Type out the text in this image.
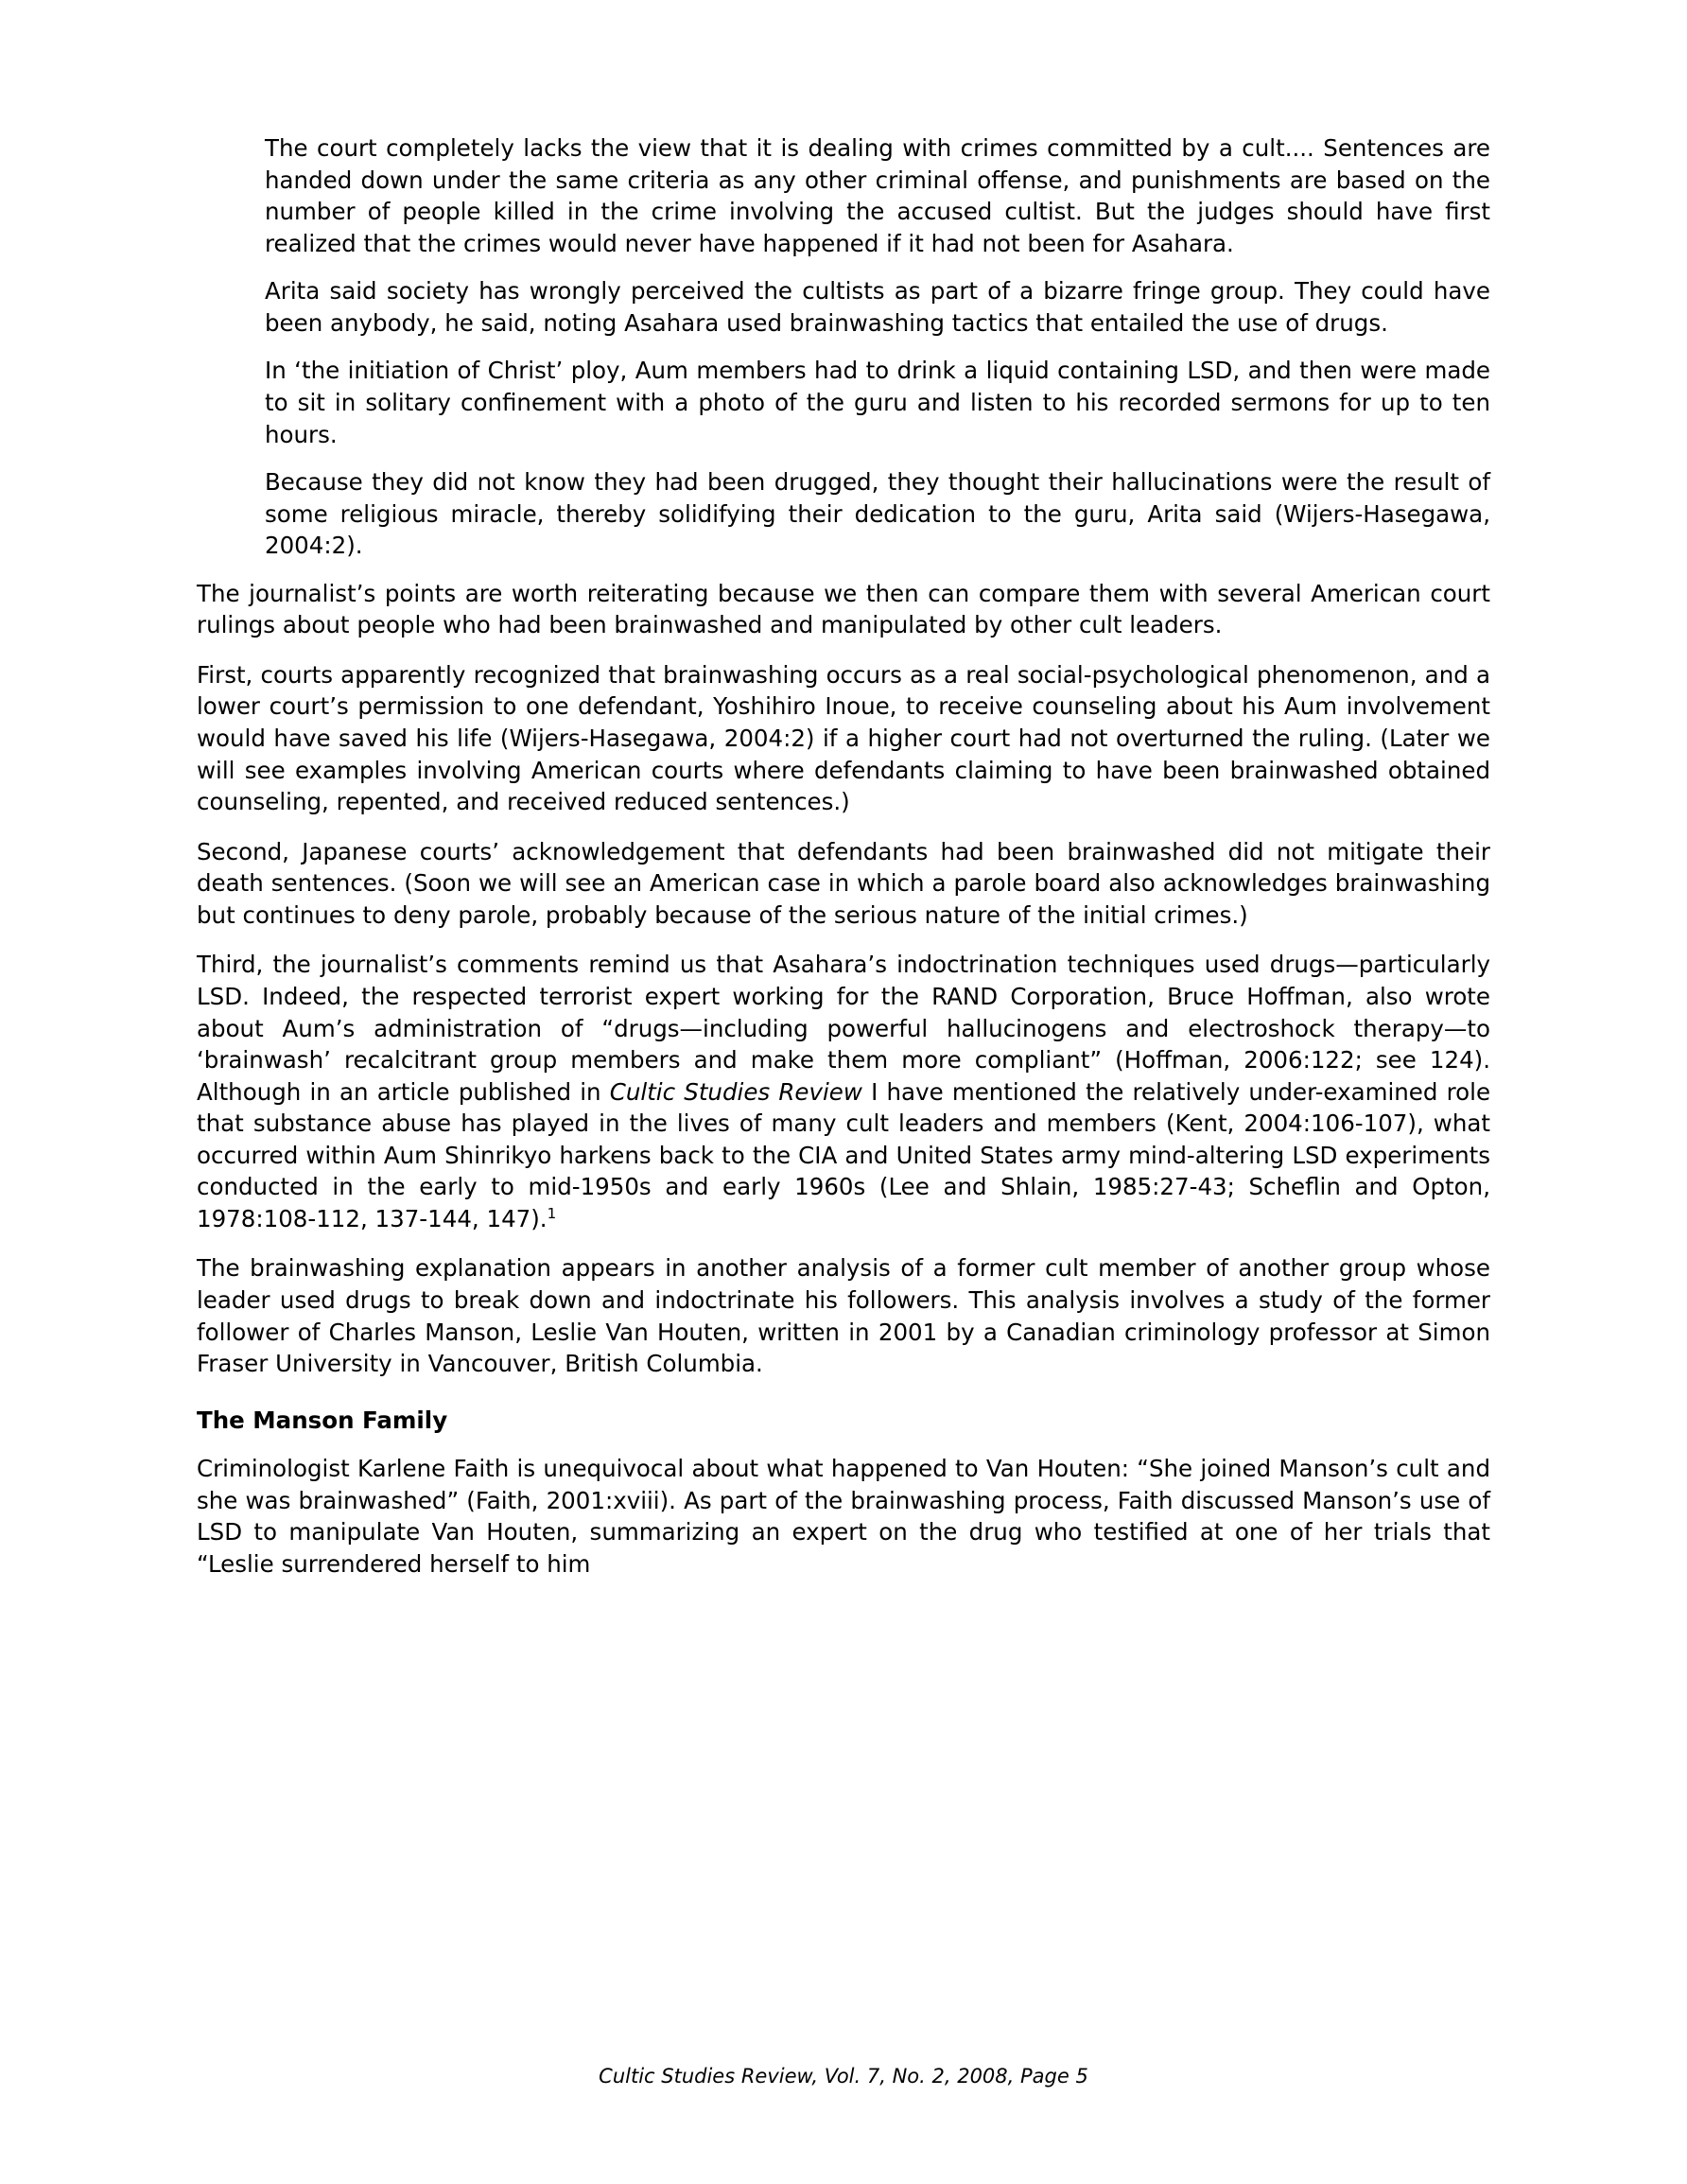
The court completely lacks the view that it is dealing with crimes committed by a cult.... Sentences are handed down under the same criteria as any other criminal offense, and punishments are based on the number of people killed in the crime involving the accused cultist. But the judges should have first realized that the crimes would never have happened if it had not been for Asahara.

Arita said society has wrongly perceived the cultists as part of a bizarre fringe group. They could have been anybody, he said, noting Asahara used brainwashing tactics that entailed the use of drugs.

In ‘the initiation of Christ’ ploy, Aum members had to drink a liquid containing LSD, and then were made to sit in solitary confinement with a photo of the guru and listen to his recorded sermons for up to ten hours.

Because they did not know they had been drugged, they thought their hallucinations were the result of some religious miracle, thereby solidifying their dedication to the guru, Arita said (Wijers-Hasegawa, 2004:2).

The journalist’s points are worth reiterating because we then can compare them with several American court rulings about people who had been brainwashed and manipulated by other cult leaders.

First, courts apparently recognized that brainwashing occurs as a real social-psychological phenomenon, and a lower court’s permission to one defendant, Yoshihiro Inoue, to receive counseling about his Aum involvement would have saved his life (Wijers-Hasegawa, 2004:2) if a higher court had not overturned the ruling. (Later we will see examples involving American courts where defendants claiming to have been brainwashed obtained counseling, repented, and received reduced sentences.)

Second, Japanese courts’ acknowledgement that defendants had been brainwashed did not mitigate their death sentences. (Soon we will see an American case in which a parole board also acknowledges brainwashing but continues to deny parole, probably because of the serious nature of the initial crimes.)

Third, the journalist’s comments remind us that Asahara’s indoctrination techniques used drugs—particularly LSD. Indeed, the respected terrorist expert working for the RAND Corporation, Bruce Hoffman, also wrote about Aum’s administration of “drugs—including powerful hallucinogens and electroshock therapy—to ‘brainwash’ recalcitrant group members and make them more compliant” (Hoffman, 2006:122; see 124). Although in an article published in Cultic Studies Review I have mentioned the relatively under-examined role that substance abuse has played in the lives of many cult leaders and members (Kent, 2004:106-107), what occurred within Aum Shinrikyo harkens back to the CIA and United States army mind-altering LSD experiments conducted in the early to mid-1950s and early 1960s (Lee and Shlain, 1985:27-43; Scheflin and Opton, 1978:108-112, 137-144, 147).$^1$

The brainwashing explanation appears in another analysis of a former cult member of another group whose leader used drugs to break down and indoctrinate his followers. This analysis involves a study of the former follower of Charles Manson, Leslie Van Houten, written in 2001 by a Canadian criminology professor at Simon Fraser University in Vancouver, British Columbia.

The Manson Family

Criminologist Karlene Faith is unequivocal about what happened to Van Houten: “She joined Manson’s cult and she was brainwashed” (Faith, 2001:xviii). As part of the brainwashing process, Faith discussed Manson’s use of LSD to manipulate Van Houten, summarizing an expert on the drug who testified at one of her trials that “Leslie surrendered herself to him

Cultic Studies Review, Vol. 7, No. 2, 2008, Page 5
